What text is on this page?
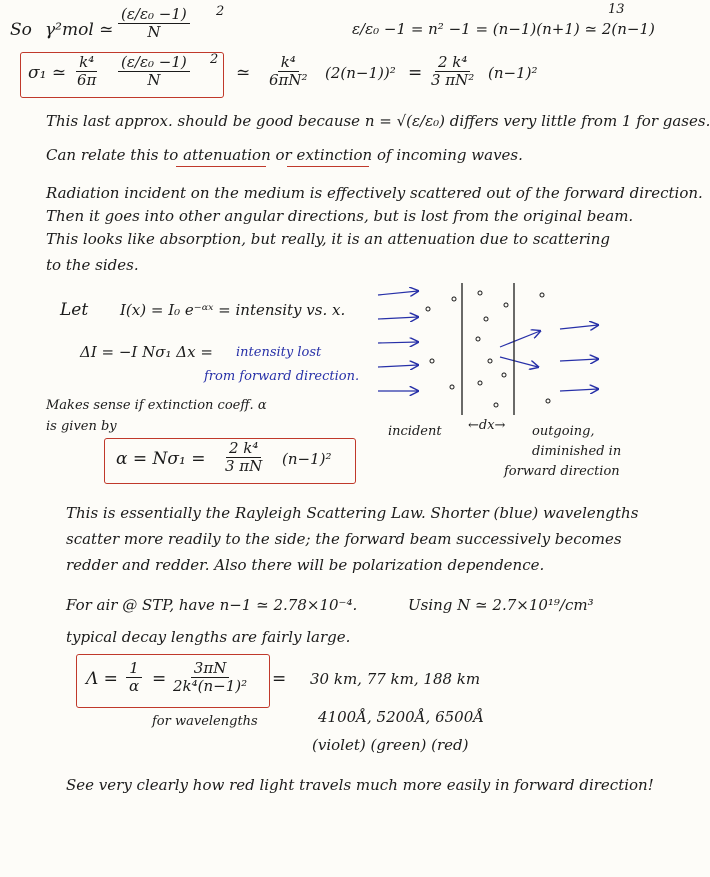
13
So γ²mol ≃ $\frac{\text{(ε/ε₀ −1)}}{N} 2$
ε/ε₀ −1 = n² −1 = (n−1)(n+1) ≃ 2(n−1)
σ₁ ≃ $\frac{\text{k⁴}}{6\pi} \frac{\text{(ε/ε₀ −1)}}{N} 2$
≃ $\frac{\text{k⁴}}{\text{6πN²}} (2(n-1))^2 = \frac{\text{2 k⁴}}{\text{3 πN²}} (n-1)^2$
This last approx. should be good because n = √(ε/ε₀) differs very little from 1 for gases.
Can relate this to attenuation or extinction of incoming waves.
Radiation incident on the medium is effectively scattered out of the forward direction.
Then it goes into other angular directions, but is lost from the original beam.
This looks like absorption, but really, it is an attenuation due to scattering
to the sides.
Let I(x) = I₀ e⁻ᵅˣ = intensity vs. x.
ΔI = −I Nσ₁ Δx = intensity lost
from forward direction.
Makes sense if extinction coeff. α
is given by
$\alpha = N\sigma_1 = \frac{\text{2 k⁴}}{3 \pi N} (n-1)^2$
incident ←dx→ outgoing,
diminished in
forward direction
This is essentially the Rayleigh Scattering Law. Shorter (blue) wavelengths
scatter more readily to the side; the forward beam successively becomes
redder and redder. Also there will be polarization dependence.
For air @ STP, have n−1 ≃ 2.78×10⁻⁴.	Using N ≃ 2.7×10¹⁹/cm³
typical decay lengths are fairly large.
$\Lambda = \frac{1}{\alpha} = \frac{3\pi N}{\text{2k⁴(n−1)²}} = 30$ km, 77 km, 188 km
for wavelengths	4100Å, 5200Å, 6500Å
(violet) (green) (red)
See very clearly how red light travels much more easily in forward direction!
